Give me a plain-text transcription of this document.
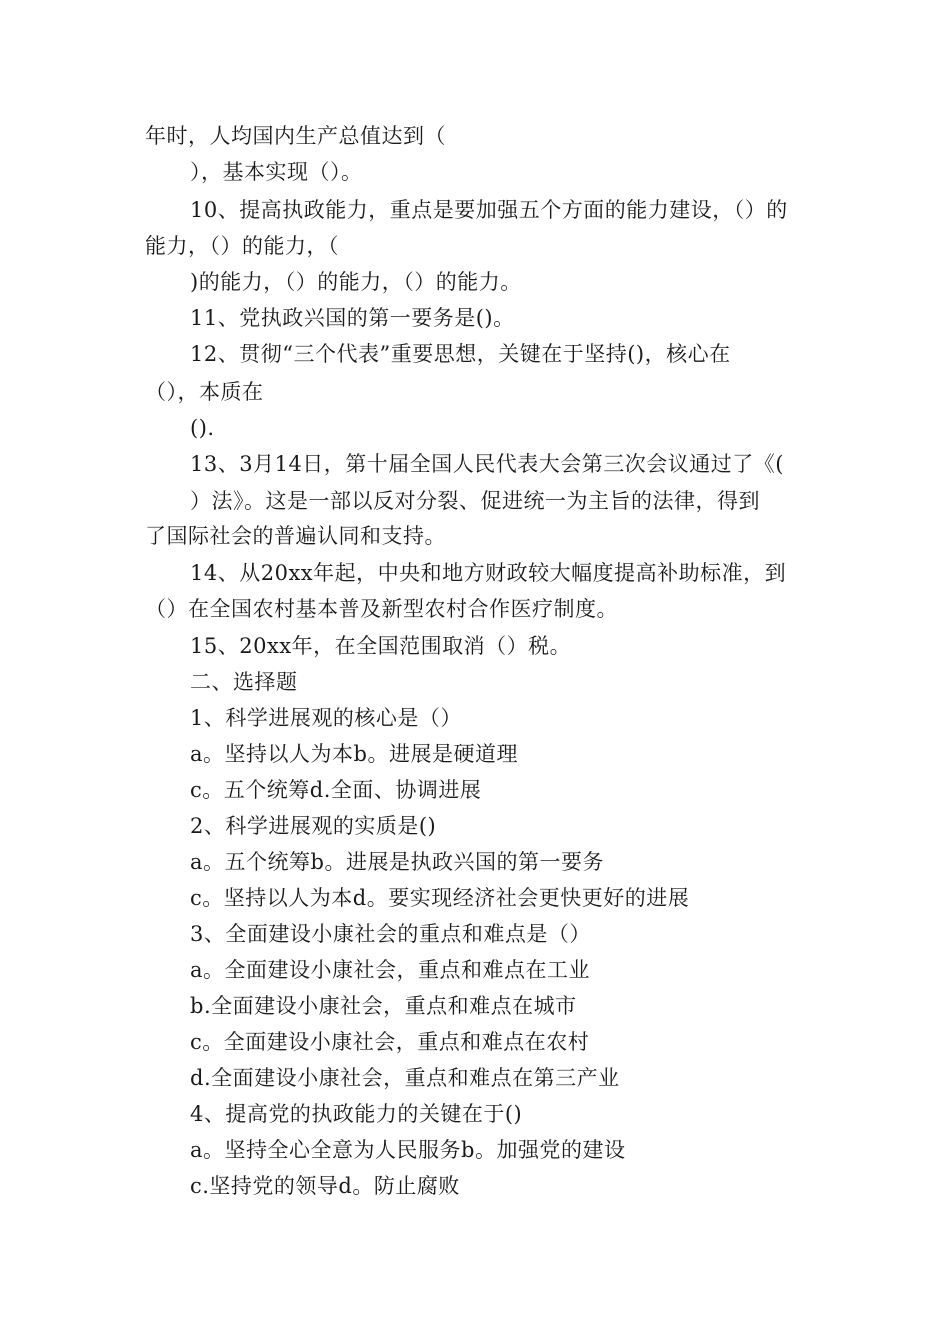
年时，人均国内生产总值达到（
），基本实现（）。
10、提高执政能力，重点是要加强五个方面的能力建设，（）的
能力，（）的能力，（
)的能力，（）的能力，（）的能力。
11、党执政兴国的第一要务是()。
12、贯彻“三个代表”重要思想，关键在于坚持()，核心在
（），本质在
().
13、3月14日，第十届全国人民代表大会第三次会议通过了《(
）法》。这是一部以反对分裂、促进统一为主旨的法律，得到
了国际社会的普遍认同和支持。
14、从20xx年起，中央和地方财政较大幅度提高补助标准，到
（）在全国农村基本普及新型农村合作医疗制度。
15、20xx年，在全国范围取消（）税。
二、选择题
1、科学进展观的核心是（）
a。坚持以人为本b。进展是硬道理
c。五个统筹d.全面、协调进展
2、科学进展观的实质是()
a。五个统筹b。进展是执政兴国的第一要务
c。坚持以人为本d。要实现经济社会更快更好的进展
3、全面建设小康社会的重点和难点是（）
a。全面建设小康社会，重点和难点在工业
b.全面建设小康社会，重点和难点在城市
c。全面建设小康社会，重点和难点在农村
d.全面建设小康社会，重点和难点在第三产业
4、提高党的执政能力的关键在于()
a。坚持全心全意为人民服务b。加强党的建设
c.坚持党的领导d。防止腐败
